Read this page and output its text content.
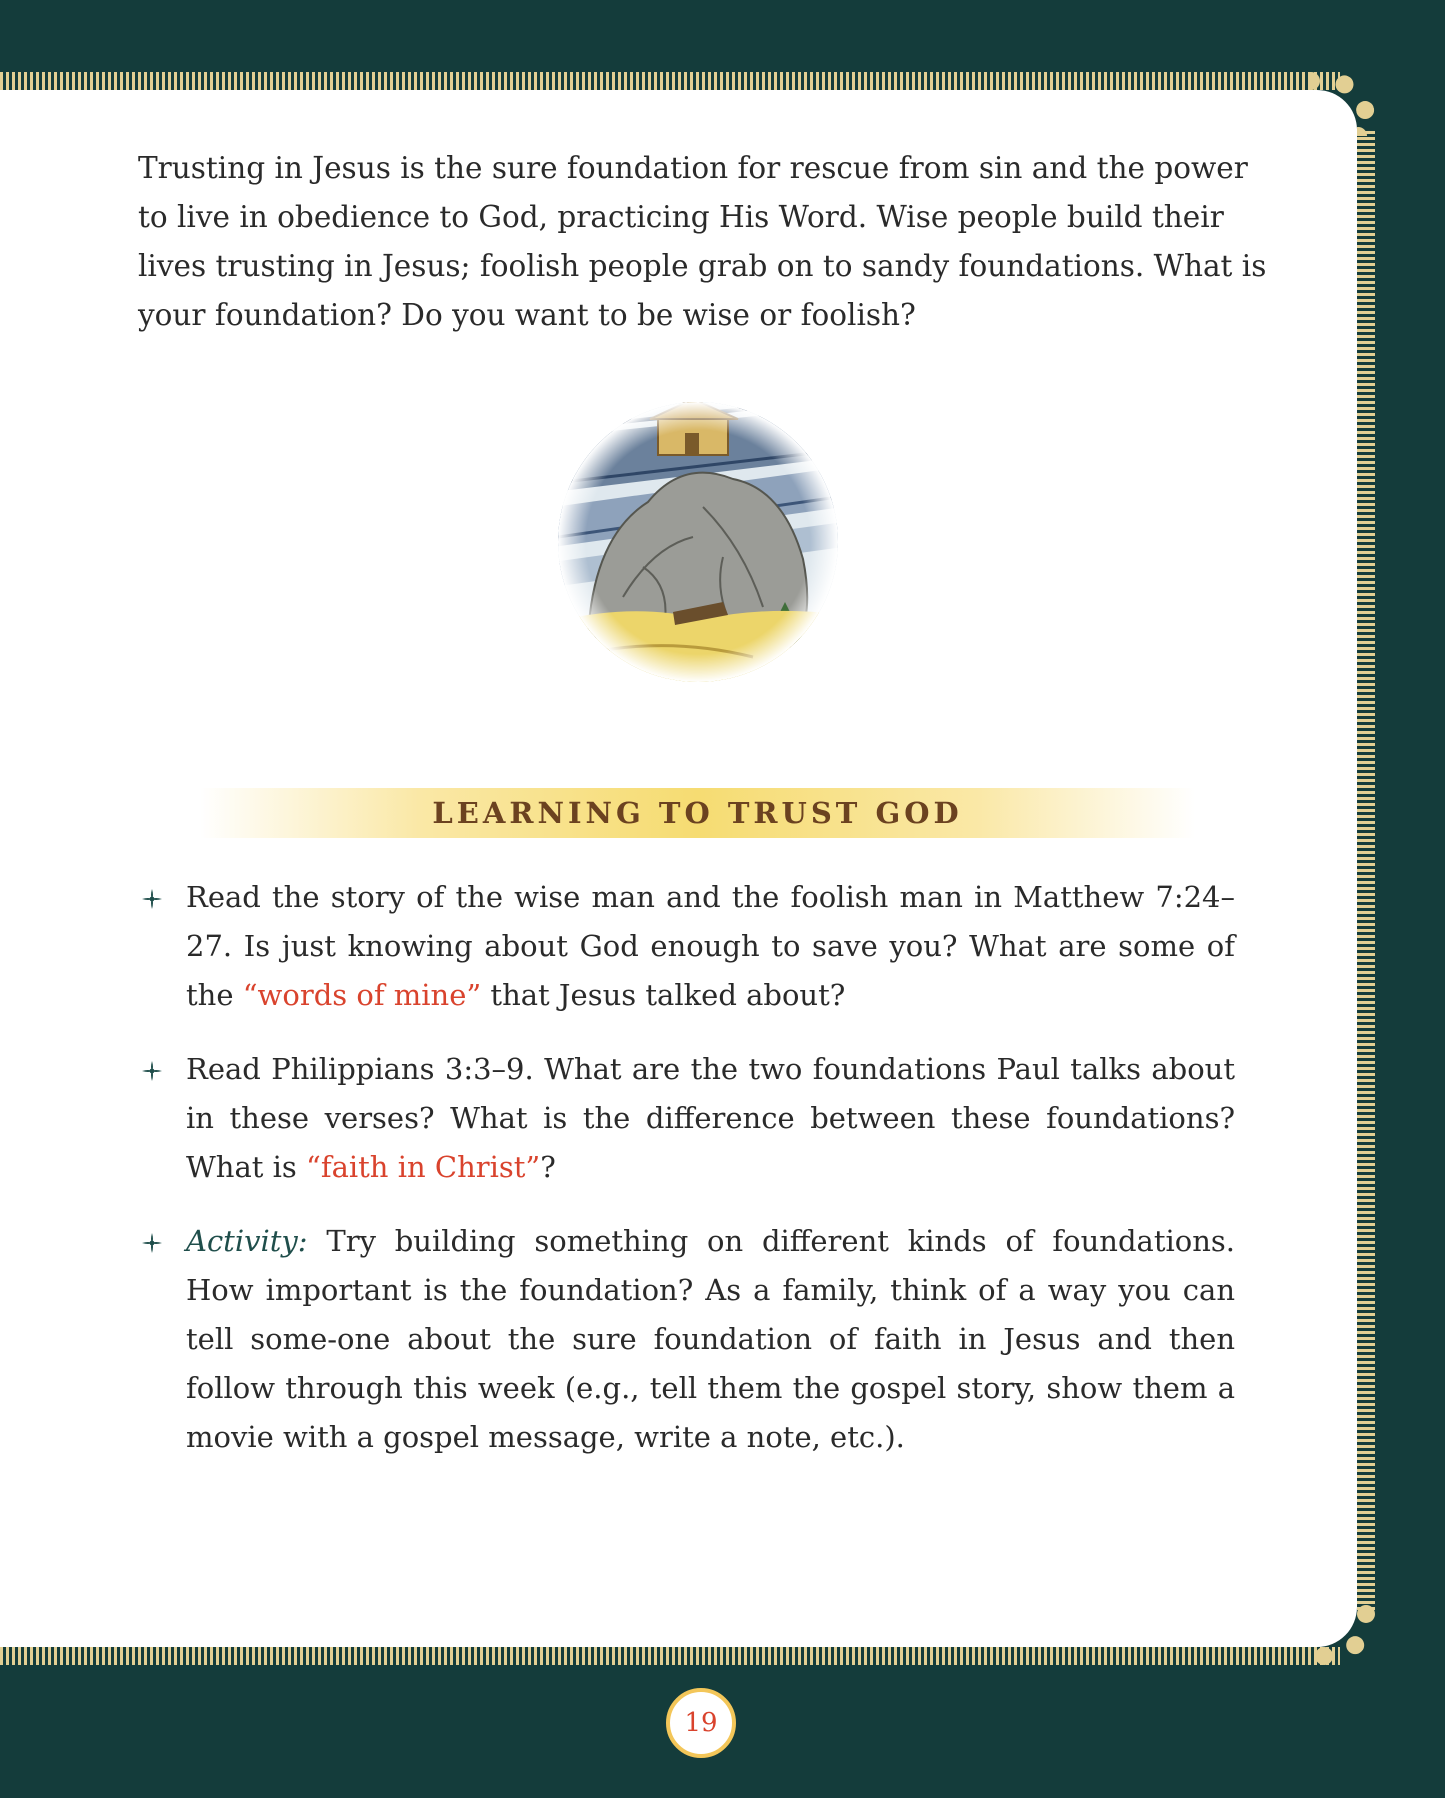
Trusting in Jesus is the sure foundation for rescue from sin and the power to live in obedience to God, practicing His Word. Wise people build their lives trusting in Jesus; foolish people grab on to sandy foundations. What is your foundation? Do you want to be wise or foolish?

LEARNING TO TRUST GOD
Read the story of the wise man and the foolish man in Matthew 7:24–27. Is just knowing about God enough to save you? What are some of the “words of mine” that Jesus talked about?
Read Philippians 3:3–9. What are the two foundations Paul talks about in these verses? What is the difference between these foundations? What is “faith in Christ”?
Activity: Try building something on different kinds of foundations. How important is the foundation? As a family, think of a way you can tell some-one about the sure foundation of faith in Jesus and then follow through this week (e.g., tell them the gospel story, show them a movie with a gospel message, write a note, etc.).
19
